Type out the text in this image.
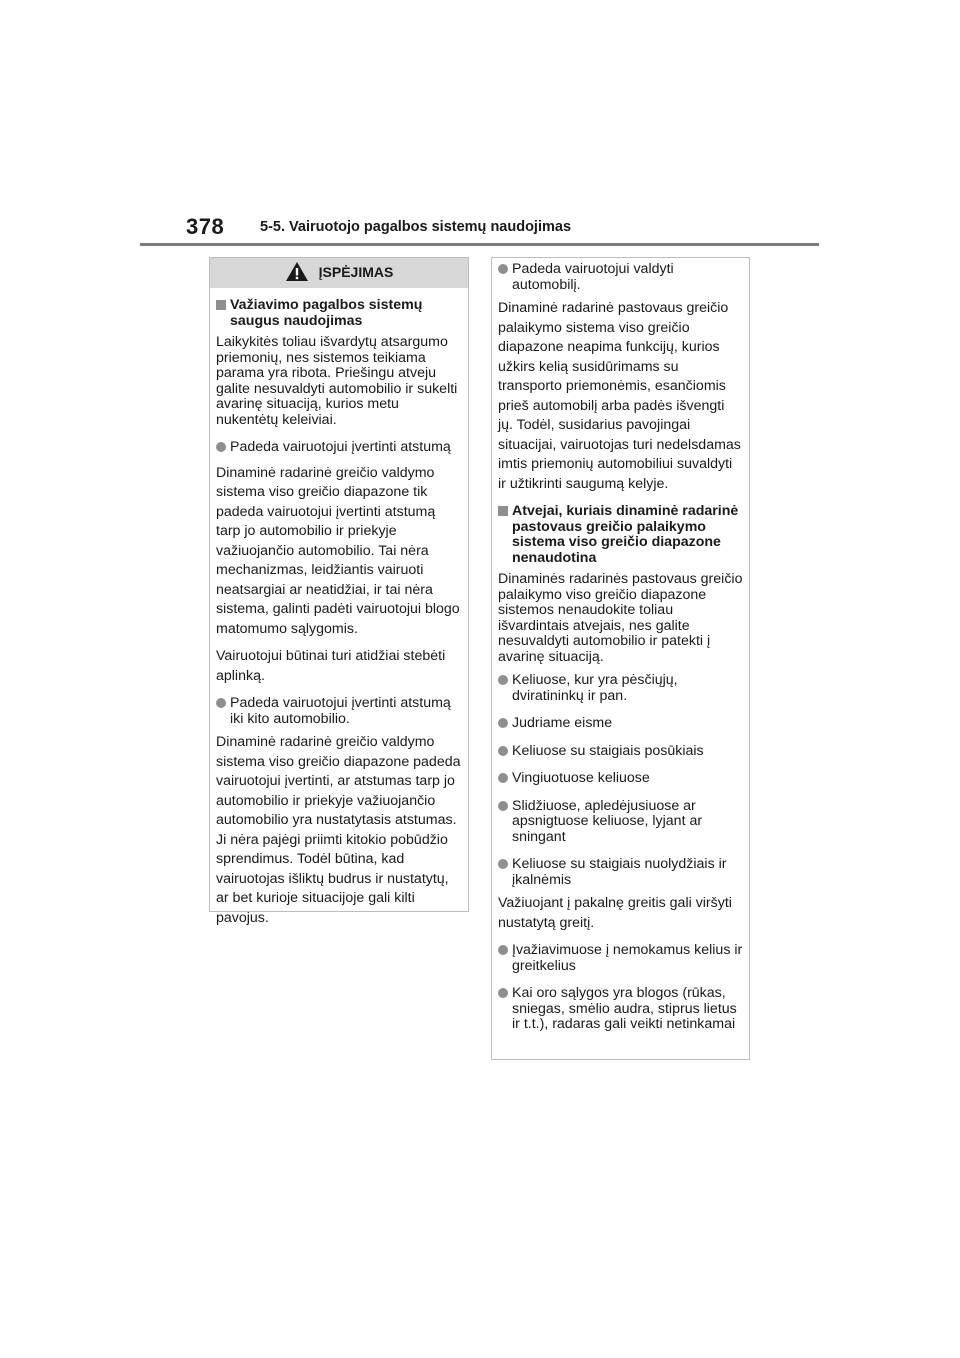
378 5-5. Vairuotojo pagalbos sistemų naudojimas
ĮSPĖJIMAS
Važiavimo pagalbos sistemų saugus naudojimas

Laikykitės toliau išvardytų atsargumo priemonių, nes sistemos teikiama parama yra ribota. Priešingu atveju galite nesuvaldyti automobilio ir sukelti avarinę situaciją, kurios metu nukentėtų keleiviai.

Padeda vairuotojui įvertinti atstumą

Dinaminė radarinė greičio valdymo sistema viso greičio diapazone tik padeda vairuotojui įvertinti atstumą tarp jo automobilio ir priekyje važiuojančio automobilio. Tai nėra mechanizmas, leidžiantis vairuoti neatsargiai ar neatidžiai, ir tai nėra sistema, galinti padėti vairuotojui blogo matomumo sąlygomis.

Vairuotojui būtinai turi atidžiai stebėti aplinką.

Padeda vairuotojui įvertinti atstumą iki kito automobilio.

Dinaminė radarinė greičio valdymo sistema viso greičio diapazone padeda vairuotojui įvertinti, ar atstumas tarp jo automobilio ir priekyje važiuojančio automobilio yra nustatytasis atstumas. Ji nėra pajėgi priimti kitokio pobūdžio sprendimus. Todėl būtina, kad vairuotojas išliktų budrus ir nustatytų, ar bet kurioje situacijoje gali kilti pavojus.

Padeda vairuotojui valdyti automobilį.

Dinaminė radarinė pastovaus greičio palaikymo sistema viso greičio diapazone neapima funkcijų, kurios užkirs kelią susidūrimams su transporto priemonėmis, esančiomis prieš automobilį arba padės išvengti jų. Todėl, susidarius pavojingai situacijai, vairuotojas turi nedelsdamas imtis priemonių automobiliui suvaldyti ir užtikrinti saugumą kelyje.

Atvejai, kuriais dinaminė radarinė pastovaus greičio palaikymo sistema viso greičio diapazone nenaudotina

Dinaminės radarinės pastovaus greičio palaikymo viso greičio diapazone sistemos nenaudokite toliau išvardintais atvejais, nes galite nesuvaldyti automobilio ir patekti į avarinę situaciją.

Keliuose, kur yra pėsčiųjų, dviratininkų ir pan.
Judriame eisme
Keliuose su staigiais posūkiais
Vingiuotuose keliuose
Slidžiuose, apledėjusiuose ar apsnigtuose keliuose, lyjant ar sningant
Keliuose su staigiais nuolydžiais ir įkalnėmis

Važiuojant į pakalnę greitis gali viršyti nustatytą greitį.

Įvažiavimuose į nemokamus kelius ir greitkelius
Kai oro sąlygos yra blogos (rūkas, sniegas, smėlio audra, stiprus lietus ir t.t.), radaras gali veikti netinkamai
